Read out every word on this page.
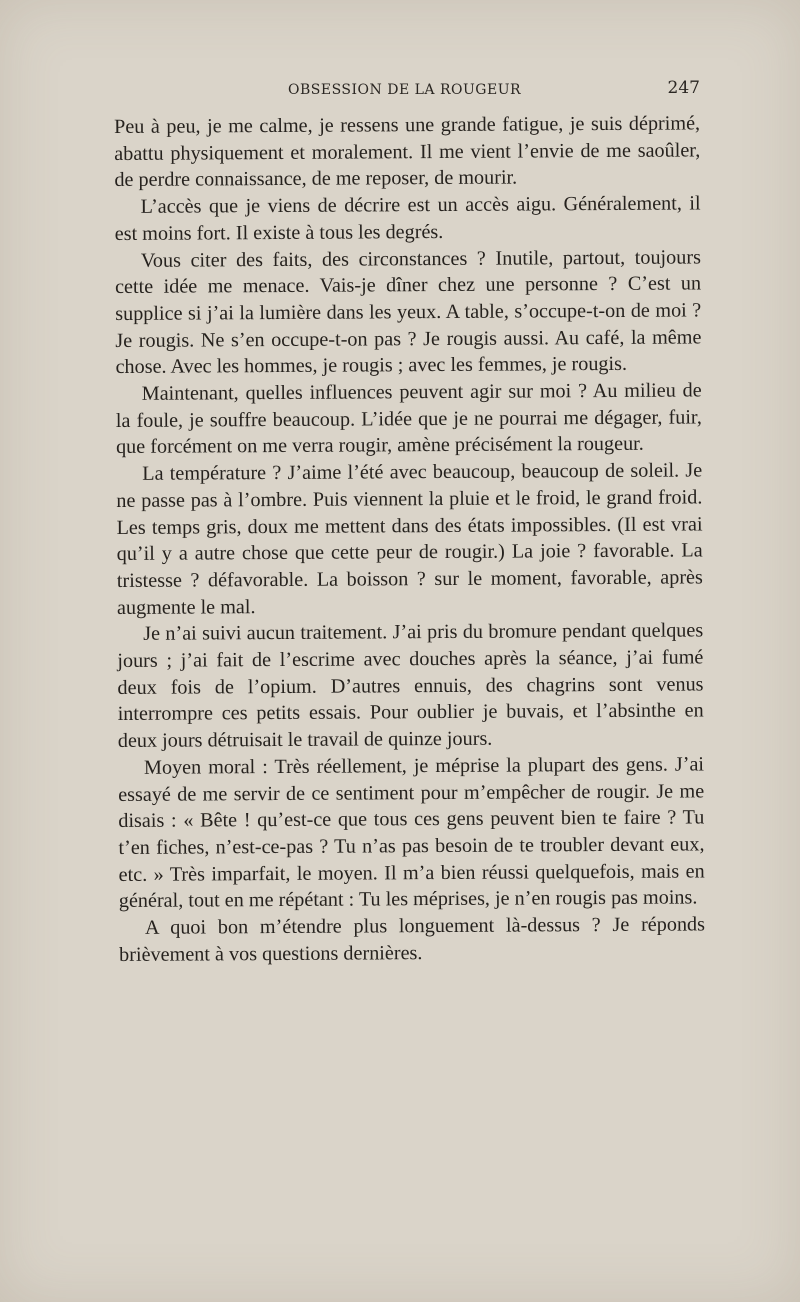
OBSESSION DE LA ROUGEUR	247

Peu à peu, je me calme, je ressens une grande fatigue, je suis déprimé, abattu physiquement et moralement. Il me vient l’envie de me saoûler, de perdre connaissance, de me reposer, de mourir.

L’accès que je viens de décrire est un accès aigu. Généralement, il est moins fort. Il existe à tous les degrés.

Vous citer des faits, des circonstances ? Inutile, partout, toujours cette idée me menace. Vais-je dîner chez une personne ? C’est un supplice si j’ai la lumière dans les yeux. A table, s’occupe-t-on de moi ? Je rougis. Ne s’en occupe-t-on pas ? Je rougis aussi. Au café, la même chose. Avec les hommes, je rougis ; avec les femmes, je rougis.

Maintenant, quelles influences peuvent agir sur moi ? Au milieu de la foule, je souffre beaucoup. L’idée que je ne pourrai me dégager, fuir, que forcément on me verra rougir, amène précisément la rougeur.

La température ? J’aime l’été avec beaucoup, beaucoup de soleil. Je ne passe pas à l’ombre. Puis viennent la pluie et le froid, le grand froid. Les temps gris, doux me mettent dans des états impossibles. (Il est vrai qu’il y a autre chose que cette peur de rougir.) La joie ? favorable. La tristesse ? défavorable. La boisson ? sur le moment, favorable, après augmente le mal.

Je n’ai suivi aucun traitement. J’ai pris du bromure pendant quelques jours ; j’ai fait de l’escrime avec douches après la séance, j’ai fumé deux fois de l’opium. D’autres ennuis, des chagrins sont venus interrompre ces petits essais. Pour oublier je buvais, et l’absinthe en deux jours détruisait le travail de quinze jours.

Moyen moral : Très réellement, je méprise la plupart des gens. J’ai essayé de me servir de ce sentiment pour m’empêcher de rougir. Je me disais : « Bête ! qu’est-ce que tous ces gens peuvent bien te faire ? Tu t’en fiches, n’est-ce-pas ? Tu n’as pas besoin de te troubler devant eux, etc. » Très imparfait, le moyen. Il m’a bien réussi quelquefois, mais en général, tout en me répétant : Tu les méprises, je n’en rougis pas moins.

A quoi bon m’étendre plus longuement là-dessus ? Je réponds brièvement à vos questions dernières.
